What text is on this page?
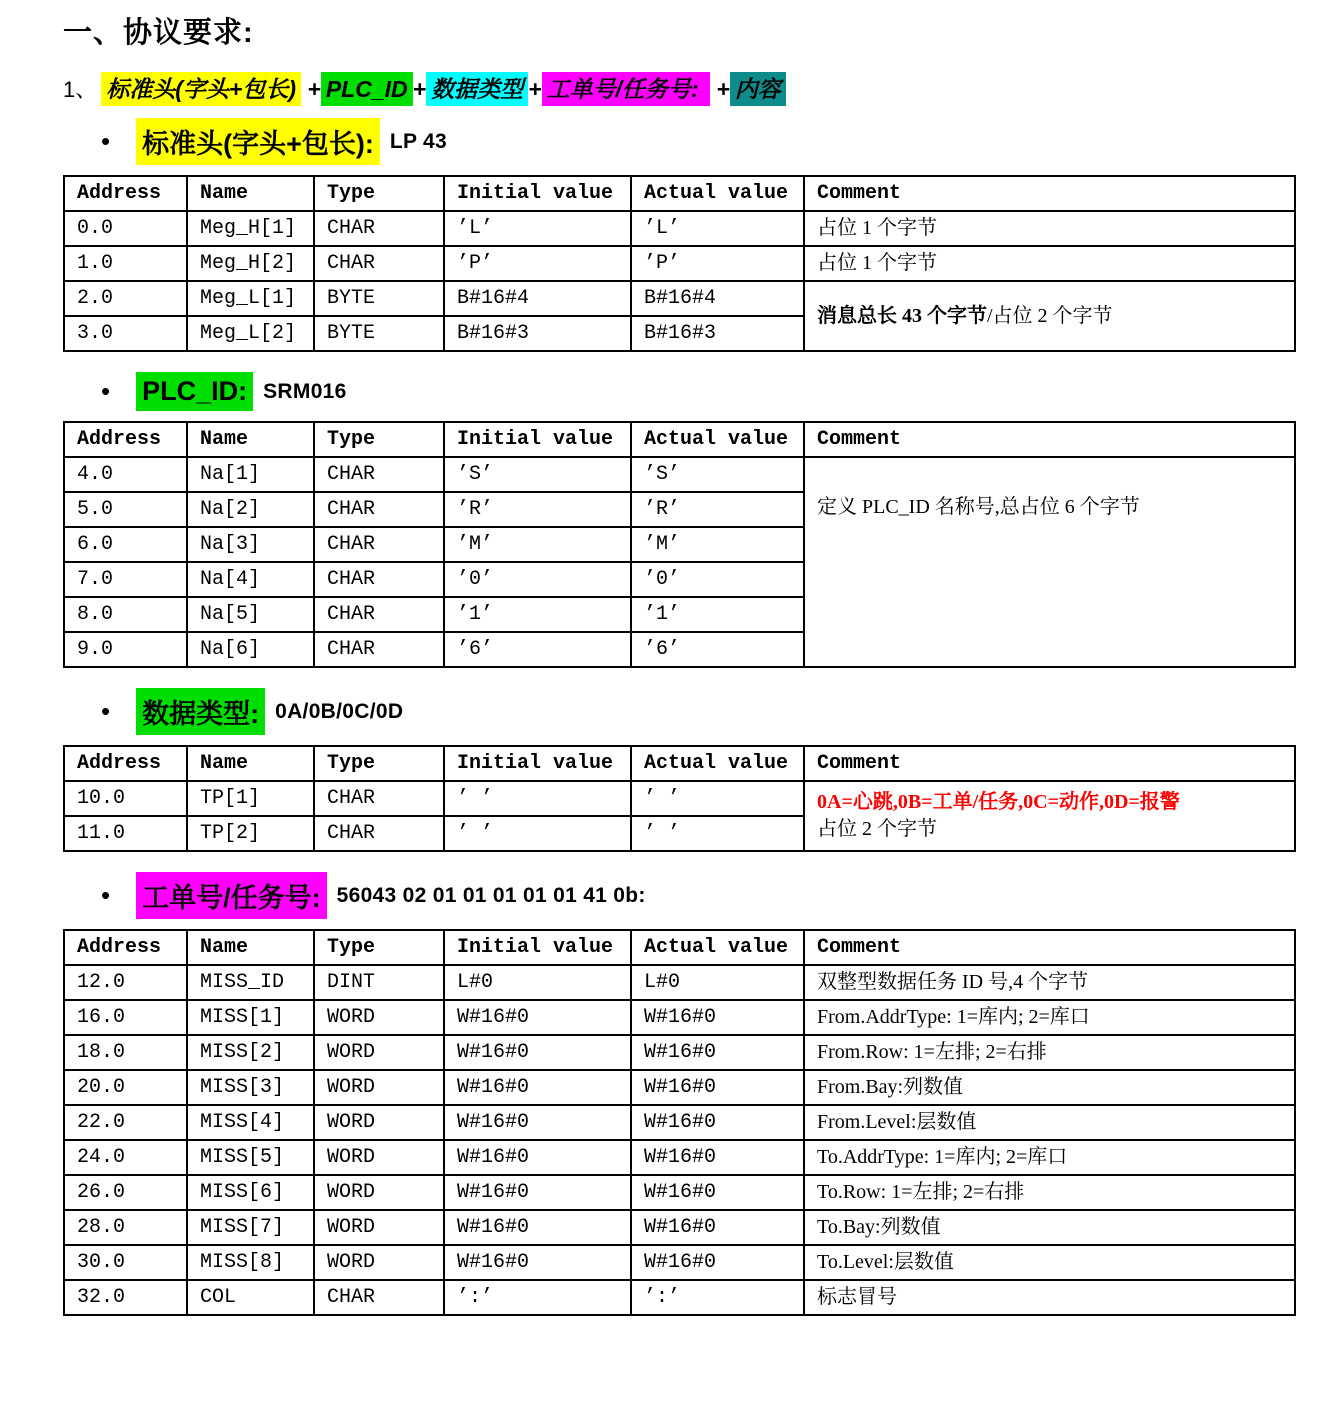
一、协议要求:
1、 标准头(字头+包长) + PLC_ID + 数据类型 + 工单号/任务号:  + 内容
• 标准头(字头+包长): LP 43
Address	Name	Type	Initial value	Actual value	Comment
0.0	Meg_H[1]	CHAR	’L’	’L’	占位 1 个字节

1.0	Meg_H[2]	CHAR	’P’	’P’	占位 1 个字节

2.0	Meg_L[1]	BYTE	B#16#4	B#16#4	消息总长 43 个字节/占位 2 个字节

3.0	Meg_L[2]	BYTE	B#16#3	B#16#3	
• PLC_ID: SRM016
Address	Name	Type	Initial value	Actual value	Comment
4.0	Na[1]	CHAR	’S’	’S’	定义 PLC_ID 名称号,总占位 6 个字节

5.0	Na[2]	CHAR	’R’	’R’	
6.0	Na[3]	CHAR	’M’	’M’	
7.0	Na[4]	CHAR	’0’	’0’	
8.0	Na[5]	CHAR	’1’	’1’	
9.0	Na[6]	CHAR	’6’	’6’	
• 数据类型: 0A/0B/0C/0D
Address	Name	Type	Initial value	Actual value	Comment
10.0	TP[1]	CHAR	’ ’	’ ’	0A=心跳,0B=工单/任务,0C=动作,0D=报警
占位 2 个字节

11.0	TP[2]	CHAR	’ ’	’ ’	
• 工单号/任务号: 56043 02 01 01 01 01 01 41 0b:
Address	Name	Type	Initial value	Actual value	Comment
12.0	MISS_ID	DINT	L#0	L#0	双整型数据任务 ID 号,4 个字节

16.0	MISS[1]	WORD	W#16#0	W#16#0	From.AddrType: 1=库内; 2=库口

18.0	MISS[2]	WORD	W#16#0	W#16#0	From.Row: 1=左排; 2=右排

20.0	MISS[3]	WORD	W#16#0	W#16#0	From.Bay:列数值

22.0	MISS[4]	WORD	W#16#0	W#16#0	From.Level:层数值

24.0	MISS[5]	WORD	W#16#0	W#16#0	To.AddrType: 1=库内; 2=库口

26.0	MISS[6]	WORD	W#16#0	W#16#0	To.Row: 1=左排; 2=右排

28.0	MISS[7]	WORD	W#16#0	W#16#0	To.Bay:列数值

30.0	MISS[8]	WORD	W#16#0	W#16#0	To.Level:层数值

32.0	COL	CHAR	’:’	’:’	标志冒号
